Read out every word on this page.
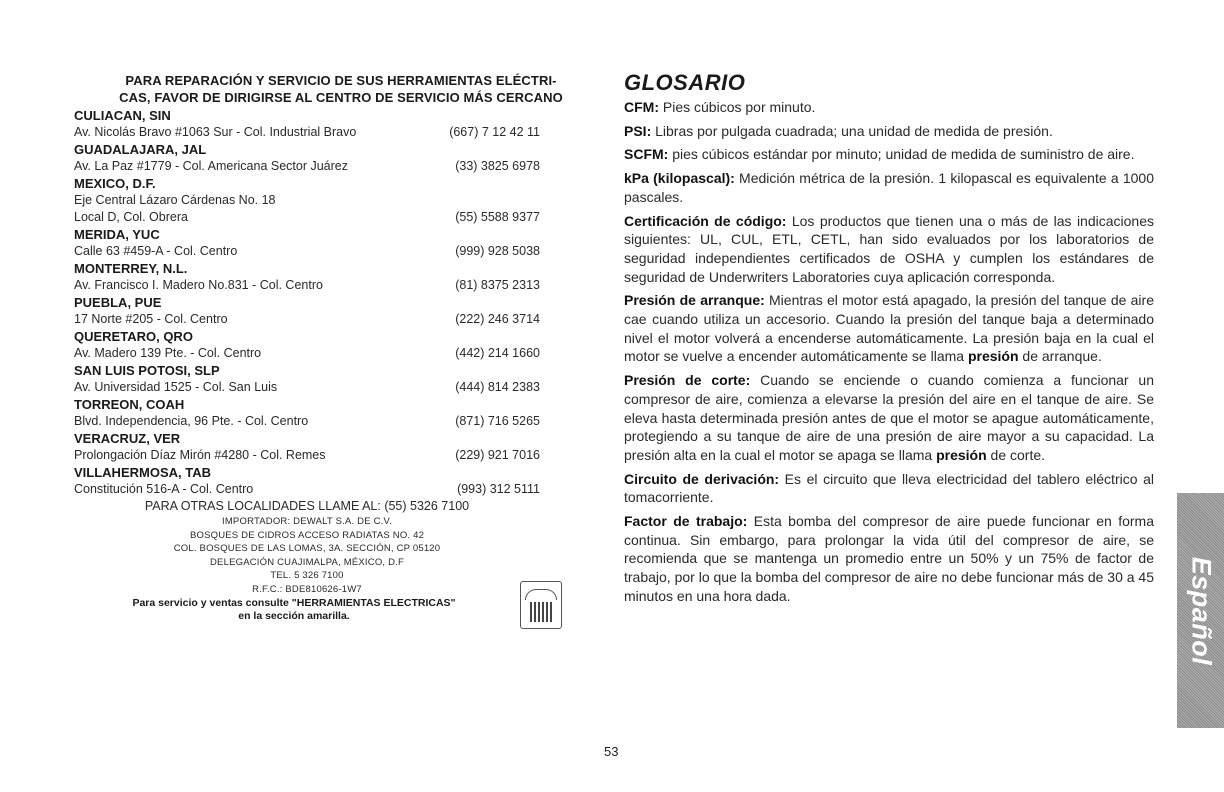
PARA REPARACIÓN Y SERVICIO DE SUS HERRAMIENTAS ELÉCTRI-
CAS, FAVOR DE DIRIGIRSE AL CENTRO DE SERVICIO MÁS CERCANO
CULIACAN, SIN
Av. Nicolás Bravo #1063 Sur - Col. Industrial Bravo	(667) 7 12 42 11
GUADALAJARA, JAL
Av. La Paz #1779 - Col. Americana Sector Juárez	(33) 3825 6978
MEXICO, D.F.
Eje Central Lázaro Cárdenas No. 18
Local D, Col. Obrera	(55) 5588 9377
MERIDA, YUC
Calle 63 #459-A - Col. Centro	(999) 928 5038
MONTERREY, N.L.
Av. Francisco I. Madero No.831 - Col. Centro	(81) 8375 2313
PUEBLA, PUE
17 Norte #205 - Col. Centro	(222) 246 3714
QUERETARO, QRO
Av. Madero 139 Pte. - Col. Centro	(442) 214 1660
SAN LUIS POTOSI, SLP
Av. Universidad 1525 - Col. San Luis	(444) 814 2383
TORREON, COAH
Blvd. Independencia, 96 Pte. - Col. Centro	(871) 716 5265
VERACRUZ, VER
Prolongación Díaz Mirón #4280 - Col. Remes	(229) 921 7016
VILLAHERMOSA, TAB
Constitución 516-A - Col. Centro	(993) 312 5111
PARA OTRAS LOCALIDADES LLAME AL: (55) 5326 7100
IMPORTADOR: DEWALT S.A. DE C.V.
BOSQUES DE CIDROS ACCESO RADIATAS NO. 42
COL. BOSQUES DE LAS LOMAS, 3A. SECCIÓN, CP 05120
DELEGACIÓN CUAJIMALPA, MÉXICO, D.F
TEL. 5 326 7100
R.F.C.: BDE810626-1W7
Para servicio y ventas consulte "HERRAMIENTAS ELECTRICAS"
en la sección amarilla.
GLOSARIO

CFM: Pies cúbicos por minuto.

PSI: Libras por pulgada cuadrada; una unidad de medida de presión.

SCFM: pies cúbicos estándar por minuto; unidad de medida de suministro de aire.

kPa (kilopascal): Medición métrica de la presión. 1 kilopascal es equivalente a 1000 pascales.

Certificación de código: Los productos que tienen una o más de las indicaciones siguientes: UL, CUL, ETL, CETL, han sido evaluados por los laboratorios de seguridad independientes certificados de OSHA y cumplen los estándares de seguridad de Underwriters Laboratories cuya aplicación corresponda.

Presión de arranque: Mientras el motor está apagado, la presión del tanque de aire cae cuando utiliza un accesorio. Cuando la presión del tanque baja a determinado nivel el motor volverá a encenderse automáticamente. La presión baja en la cual el motor se vuelve a encender automáticamente se llama presión de arranque.

Presión de corte: Cuando se enciende o cuando comienza a funcionar un compresor de aire, comienza a elevarse la presión del aire en el tanque de aire. Se eleva hasta determinada presión antes de que el motor se apague automáticamente, protegiendo a su tanque de aire de una presión de aire mayor a su capacidad. La presión alta en la cual el motor se apaga se llama presión de corte.

Circuito de derivación: Es el circuito que lleva electricidad del tablero eléctrico al tomacorriente.

Factor de trabajo: Esta bomba del compresor de aire puede funcionar en forma continua. Sin embargo, para prolongar la vida útil del compresor de aire, se recomienda que se mantenga un promedio entre un 50% y un 75% de factor de trabajo, por lo que la bomba del compresor de aire no debe funcionar más de 30 a 45 minutos en una hora dada.

53
Español
